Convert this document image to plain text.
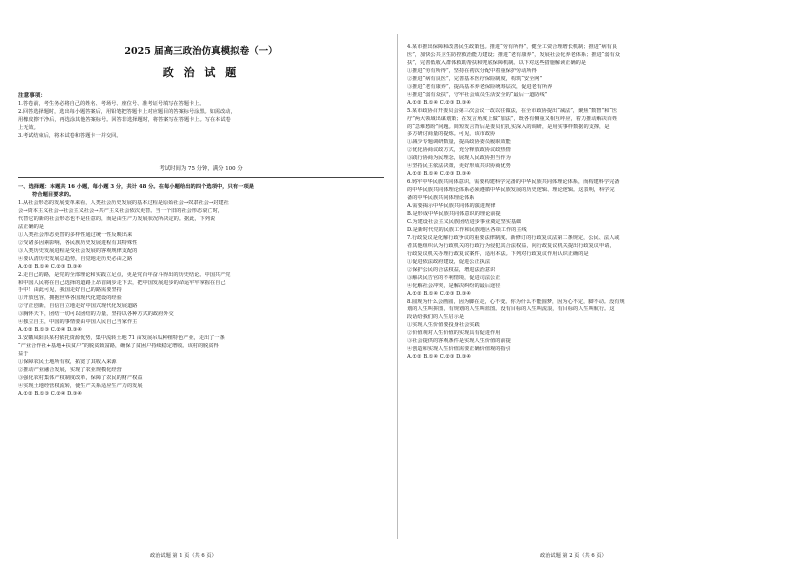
2025 届高三政治仿真模拟卷（一）
政 治 试 题
注意事项：
1.答卷前，考生务必将自己的姓名、考场号、座位号、准考证号填写在答题卡上。
2.回答选择题时，选出每小题答案后，用铅笔把答题卡上对应题目的答案标号涂黑。如需改动，
用橡皮擦干净后，再选涂其他答案标号。回答非选择题时，将答案写在答题卡上。写在本试卷
上无效。
3.考试结束后，将本试卷和答题卡一并交回。
考试时间为 75 分钟，满分 100 分
一、选择题：本题共 16 小题，每小题 3 分，共计 48 分。在每小题给出的四个选项中，只有一项是
符合题目要求的。
1.从社会形态的发展变革来看，人类社会历史发展的基本过程是原始社会→奴隶社会→封建社
会→资本主义社会→社会主义社会→共产主义社会依次更替。当一个旧的社会形态衰亡时，
代替它的新的社会形态也不是任意的，而是由生产力发展状况所决定的。据此，下列说
法正确的是
①人类社会形态更替的多样性通过统一性反映出来
②受诸多因素影响，各民族历史发展进程有其特殊性
③人类历史发展进程是受社会发展的客观规律支配的
④要认清历史发展总趋势，自觉地走历史必由之路
A.①② B.①④ C.②③ D.③④
2.走自己的路，是党的全部理论和实践立足点，更是党百年奋斗得出的历史结论。中国共产党
和中国人民将在自己选择的道路上昂首阔步走下去，把中国发展进步的命运牢牢掌握在自己
手中！由此可见，我国走好自己的路需要坚持
①开放包容，拥抱世界各国现代化建设的经验
②守正创新，自信自立地走好中国式现代化发展道路
③胸怀天下，团结一切可以团结的力量，坚持以各种方式的政府外交
④独立自主，中国的事情要由中国人民自己当家作主
A.①② B.①③ C.②④ D.③④
3.安徽凤阳县某村依托资源优势，集中流转土地 71 亩发展吊瓜种植特色产业，走出了一条
“产业合作社+基地+扶贫户”的脱贫致富路，确保了贫困户持续稳定增收。该村的脱贫得
益于
①保障农民土地所有权，拓宽了其收入来源
②推动产业融合发展，实现了农业规模化经营
③强化农村集体产权制度改革，保障了农民的财产权益
④实现土地经营权流转，使生产关系适应生产力的发展
A.①② B.①③ C.②④ D.③④
4.某市推出保障和改善民生政策包。推进“劳有所得”，健全工资合理增长机制；推进“病有良
医”，加快公共卫生防控救治能力建设；推进“老有康养”，发展社会化养老体系；推进“弱有众
扶”，完善低收入群体救助帮扶和兜底保障机制。以下对这些措施解读正确的是
①推进“劳有所得”，坚持在初次分配中着重保护劳动所得
②推进“病有良医”，完善基本医疗保险制度，构筑“安全网”
③推进“老有康养”，提高基本养老保险统筹层次，促进老有所养
④推进“弱有众扶”，守牢社会成员生活安全的“最后一道防线”
A.①② B.①④ C.②③ D.③④
5.某市政协召开委员会第三次会议一改以往做法，在全市政协提出“减法”，聚焦“数智”和“医
疗”两大领域出谋划策；在发言角度上做“加法”，既各有侧重又相互呼应，着力推动解决百姓
的“急难愁盼”问题。简短发言背后是委员们扎实深入的调研，是用实事样数据的支撑，是
多方研讨商量的提炼。可见，该市政协
①减少专题调研数量，提高政协委员履职效能
②优化协商议政方式，充分释放政协议政热情
③践行协商为民理念，展现人民政协担当作为
④坚持民主依法决策，更好形成共识协商优势
A.①② B.①④ C.②③ D.③④
6.铸牢中华民族共同体意识，需要构建科学完备的中华民族共同体理论体系，而构建科学完备
的中华民族共同体理论体系必须遵循中华民族发展的历史逻辑、理论逻辑。这表明，科学完
备的中华民族共同体理论体系
A.需要揭示中华民族共同体的演进规律
B.是形成中华民族共同体意识的理论前提
C.为建设社会主义民族团结进步事业奠定坚实基础
D.是新时代党的民族工作和民族地区各项工作的主线
7.行政复议是化解行政争议的重要法律制度。新修订的行政复议法第二条规定，公民、法人或
者其他组织认为行政机关的行政行为侵犯其合法权益，向行政复议机关提出行政复议申请，
行政复议机关办理行政复议案件，适用本法。下列对行政复议作用认识正确的是
①促进依法政府建设，促进公正执法
②保护公民的合法权益，增进法治意识
③解决民告官的不利情境，促进司法公正
④化解社会冲突，是解决纠纷的最后途径
A.①② B.①④ C.②③ D.③④
8.圆规为什么会画圆，因为脚在走，心不变。你为什么不能圆梦，因为心不定，脚不动。没有规
划的人生叫拼图，有规划的人生叫蓝图。没有目标的人生叫流浪，有目标的人生叫航行。这
段话给我们的人生启示是
①实现人生价值要投身社会实践
②价值观对人生价值的实现具有促进作用
③社会提供的客观条件是实现人生价值的前提
④创造和实现人生价值需要正确价值观的指引
A.①② B.①④ C.②③ D.③④
政治试题 第 1 页（共 6 页）	政治试题 第 2 页（共 6 页）
